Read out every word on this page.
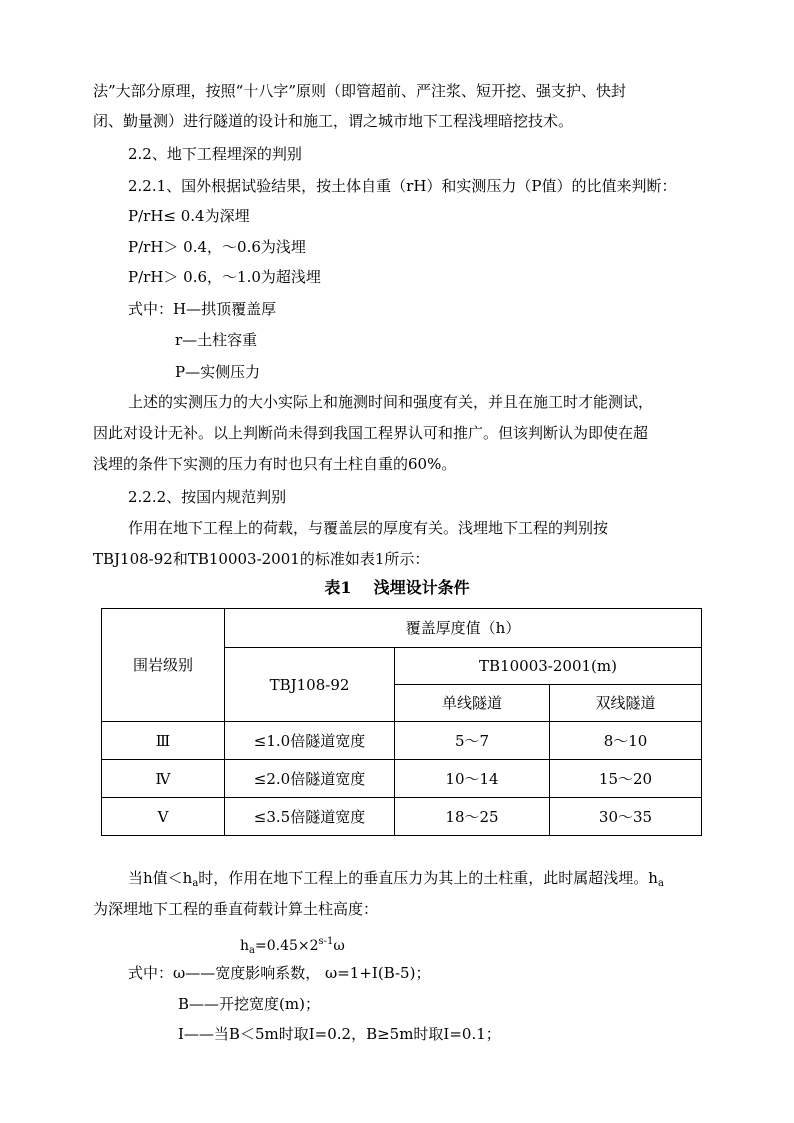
法”大部分原理，按照“十八字”原则（即管超前、严注浆、短开挖、强支护、快封
闭、勤量测）进行隧道的设计和施工，谓之城市地下工程浅埋暗挖技术。
2.2、地下工程埋深的判别
2.2.1、国外根据试验结果，按土体自重（rH）和实测压力（P值）的比值来判断：
P/rH≤ 0.4为深埋
P/rH＞ 0.4，～0.6为浅埋
P/rH＞ 0.6，～1.0为超浅埋
式中：H—拱顶覆盖厚
r—土柱容重
P—实侧压力
上述的实测压力的大小实际上和施测时间和强度有关，并且在施工时才能测试，
因此对设计无补。以上判断尚未得到我国工程界认可和推广。但该判断认为即使在超
浅埋的条件下实测的压力有时也只有土柱自重的60%。
2.2.2、按国内规范判别
作用在地下工程上的荷载，与覆盖层的厚度有关。浅埋地下工程的判别按
TBJ108-92和TB10003-2001的标准如表1所示：
表1 浅埋设计条件
围岩级别	覆盖厚度值（h）		
	TBJ108-92	TB10003-2001(m)	
		单线隧道	双线隧道
Ⅲ	≤1.0倍隧道宽度	5～7	8～10
Ⅳ	≤2.0倍隧道宽度	10～14	15～20
Ⅴ	≤3.5倍隧道宽度	18～25	30～35
当h值$<h_a$时，作用在地下工程上的垂直压力为其上的土柱重，此时属超浅埋。$h_a$
为深埋地下工程的垂直荷载计算土柱高度：
$h_a=0.45\times 2^{s-1}\omega$
式中：ω——宽度影响系数， ω=1+I(B-5)；
B——开挖宽度(m)；
I——当B＜5m时取I=0.2，B≥5m时取I=0.1；
